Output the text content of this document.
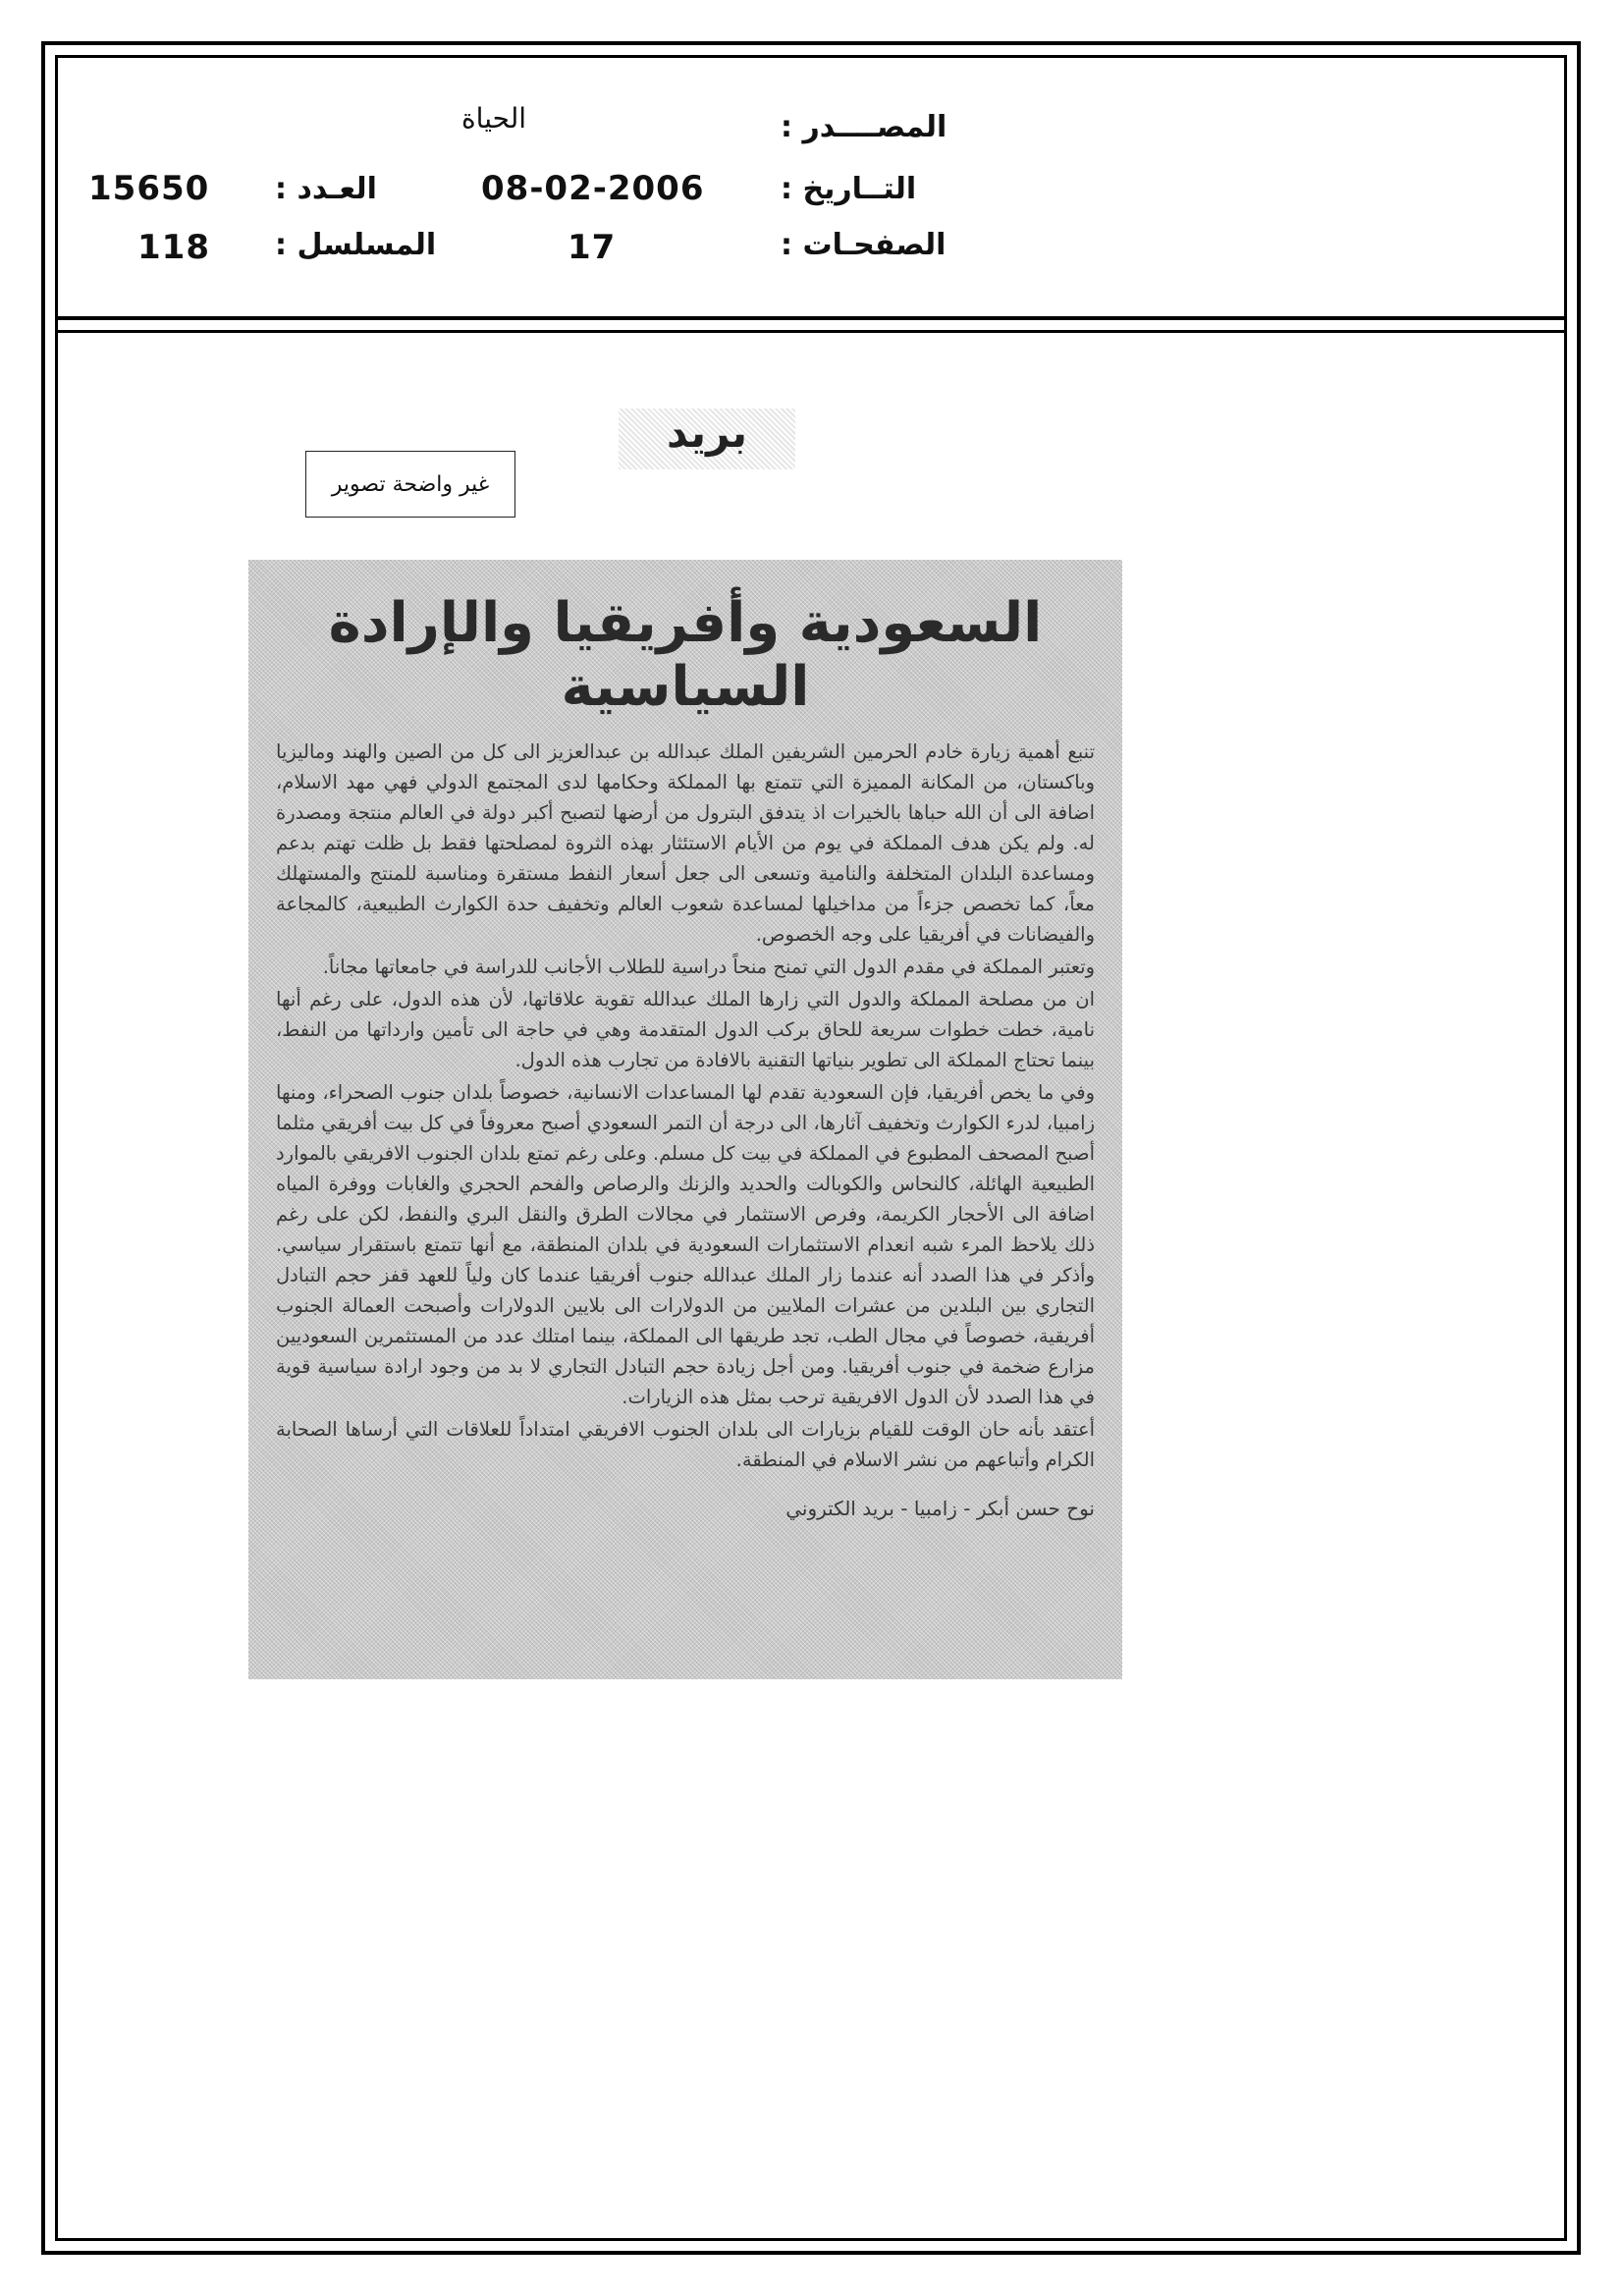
المصــــدر :
الحياة
التــاريخ :
08-02-2006
العـدد :
15650
الصفحـات :
17
المسلسل :
118
بريد
غير واضحة تصوير
السعودية وأفريقيا والإرادة السياسية

تنبع أهمية زيارة خادم الحرمين الشريفين الملك عبدالله بن عبدالعزيز الى كل من الصين والهند وماليزيا وباكستان، من المكانة المميزة التي تتمتع بها المملكة وحكامها لدى المجتمع الدولي فهي مهد الاسلام، اضافة الى أن الله حباها بالخيرات اذ يتدفق البترول من أرضها لتصبح أكبر دولة في العالم منتجة ومصدرة له. ولم يكن هدف المملكة في يوم من الأيام الاستئثار بهذه الثروة لمصلحتها فقط بل ظلت تهتم بدعم ومساعدة البلدان المتخلفة والنامية وتسعى الى جعل أسعار النفط مستقرة ومناسبة للمنتج والمستهلك معاً، كما تخصص جزءاً من مداخيلها لمساعدة شعوب العالم وتخفيف حدة الكوارث الطبيعية، كالمجاعة والفيضانات في أفريقيا على وجه الخصوص.

وتعتبر المملكة في مقدم الدول التي تمنح منحاً دراسية للطلاب الأجانب للدراسة في جامعاتها مجاناً.

ان من مصلحة المملكة والدول التي زارها الملك عبدالله تقوية علاقاتها، لأن هذه الدول، على رغم أنها نامية، خطت خطوات سريعة للحاق بركب الدول المتقدمة وهي في حاجة الى تأمين وارداتها من النفط، بينما تحتاج المملكة الى تطوير بنياتها التقنية بالافادة من تجارب هذه الدول.

وفي ما يخص أفريقيا، فإن السعودية تقدم لها المساعدات الانسانية، خصوصاً بلدان جنوب الصحراء، ومنها زامبيا، لدرء الكوارث وتخفيف آثارها، الى درجة أن التمر السعودي أصبح معروفاً في كل بيت أفريقي مثلما أصبح المصحف المطبوع في المملكة في بيت كل مسلم. وعلى رغم تمتع بلدان الجنوب الافريقي بالموارد الطبيعية الهائلة، كالنحاس والكوبالت والحديد والزنك والرصاص والفحم الحجري والغابات ووفرة المياه اضافة الى الأحجار الكريمة، وفرص الاستثمار في مجالات الطرق والنقل البري والنفط، لكن على رغم ذلك يلاحظ المرء شبه انعدام الاستثمارات السعودية في بلدان المنطقة، مع أنها تتمتع باستقرار سياسي. وأذكر في هذا الصدد أنه عندما زار الملك عبدالله جنوب أفريقيا عندما كان ولياً للعهد قفز حجم التبادل التجاري بين البلدين من عشرات الملايين من الدولارات الى بلايين الدولارات وأصبحت العمالة الجنوب أفريقية، خصوصاً في مجال الطب، تجد طريقها الى المملكة، بينما امتلك عدد من المستثمرين السعوديين مزارع ضخمة في جنوب أفريقيا. ومن أجل زيادة حجم التبادل التجاري لا بد من وجود ارادة سياسية قوية في هذا الصدد لأن الدول الافريقية ترحب بمثل هذه الزيارات.

أعتقد بأنه حان الوقت للقيام بزيارات الى بلدان الجنوب الافريقي امتداداً للعلاقات التي أرساها الصحابة الكرام وأتباعهم من نشر الاسلام في المنطقة.

نوح حسن أبكر - زامبيا - بريد الكتروني
